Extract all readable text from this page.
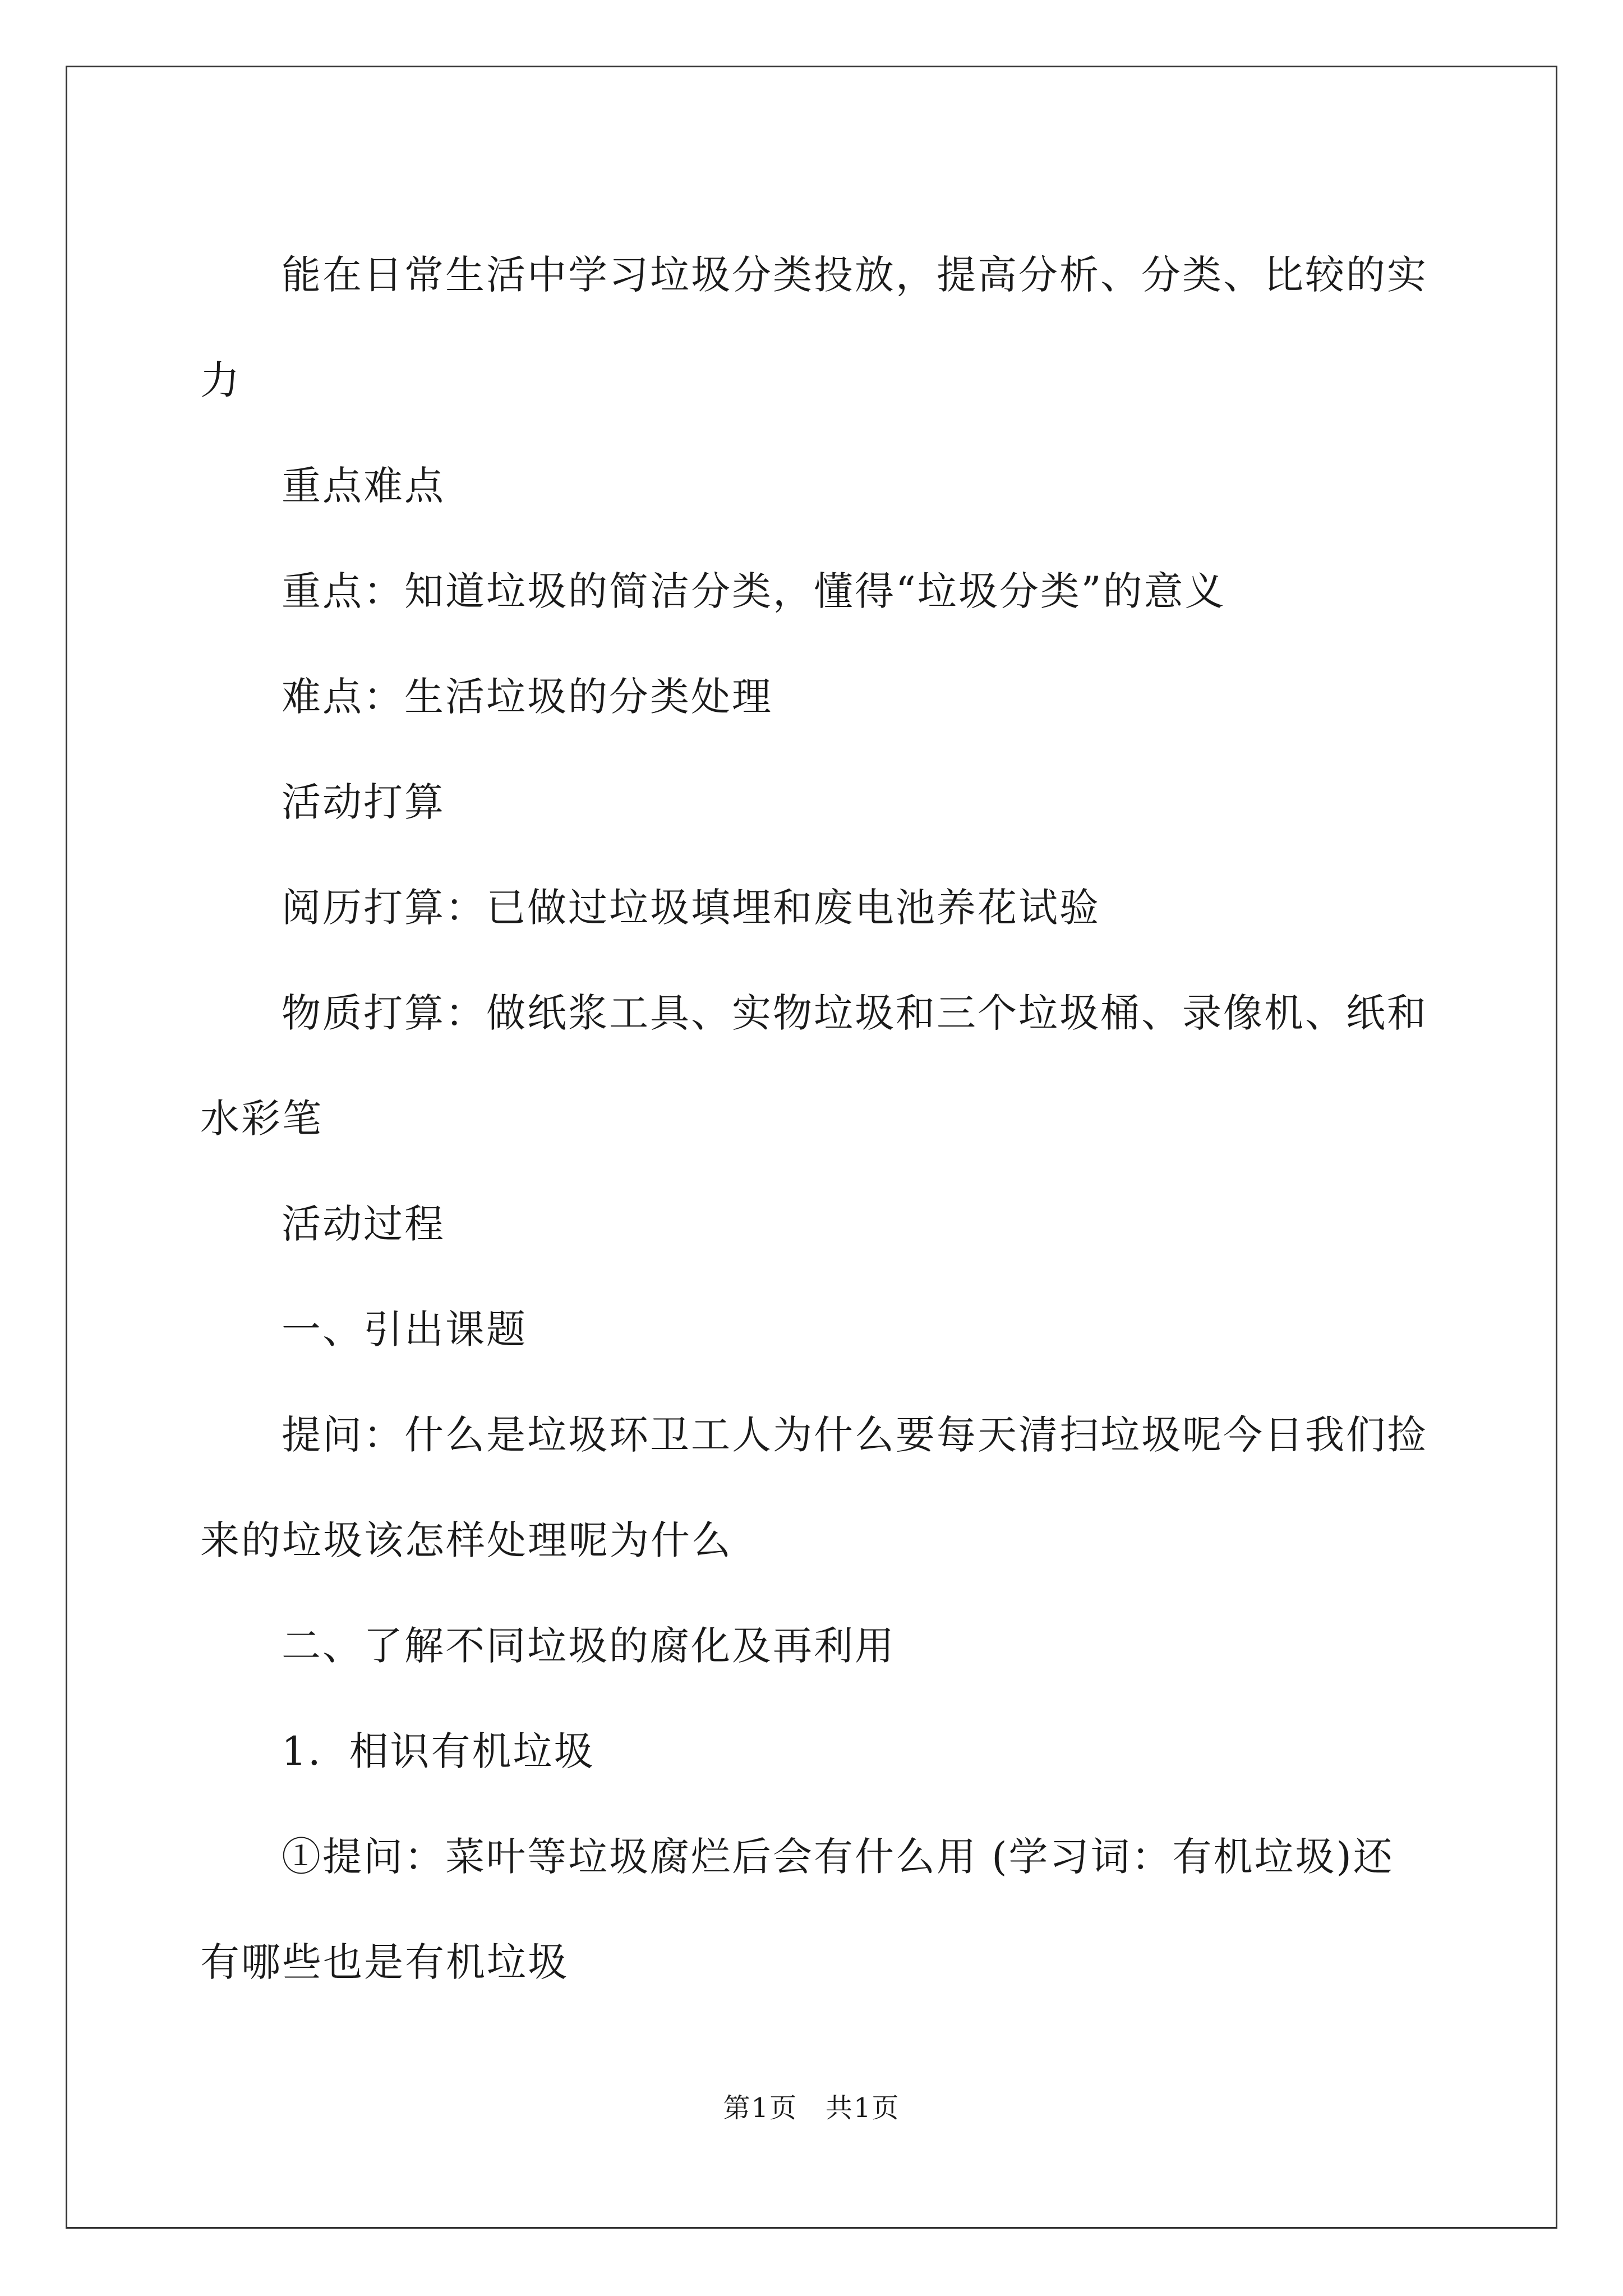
能在日常生活中学习垃圾分类投放，提高分析、分类、比较的实力

重点难点

重点：知道垃圾的简洁分类，懂得“垃圾分类”的意义

难点：生活垃圾的分类处理

活动打算

阅历打算：已做过垃圾填埋和废电池养花试验

物质打算：做纸浆工具、实物垃圾和三个垃圾桶、录像机、纸和水彩笔

活动过程

一、引出课题

提问：什么是垃圾环卫工人为什么要每天清扫垃圾呢今日我们捡来的垃圾该怎样处理呢为什么

二、了解不同垃圾的腐化及再利用

1．相识有机垃圾

①提问：菜叶等垃圾腐烂后会有什么用 (学习词：有机垃圾)还有哪些也是有机垃圾

第1页　共1页
